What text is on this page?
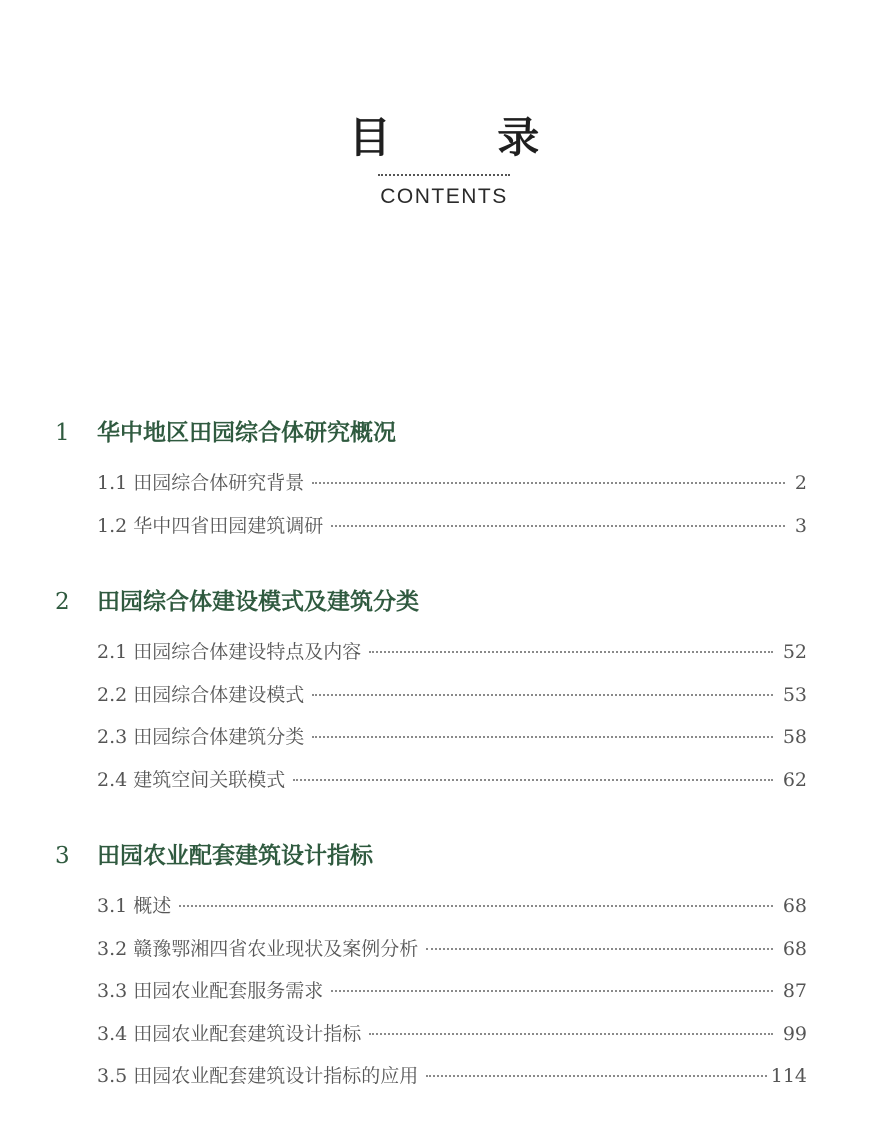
目 录
CONTENTS
1	华中地区田园综合体研究概况
1.1 田园综合体研究背景	2
1.2 华中四省田园建筑调研	3
2	田园综合体建设模式及建筑分类
2.1 田园综合体建设特点及内容	52
2.2 田园综合体建设模式	53
2.3 田园综合体建筑分类	58
2.4 建筑空间关联模式	62
3	田园农业配套建筑设计指标
3.1 概述	68
3.2 赣豫鄂湘四省农业现状及案例分析	68
3.3 田园农业配套服务需求	87
3.4 田园农业配套建筑设计指标	99
3.5 田园农业配套建筑设计指标的应用	114
